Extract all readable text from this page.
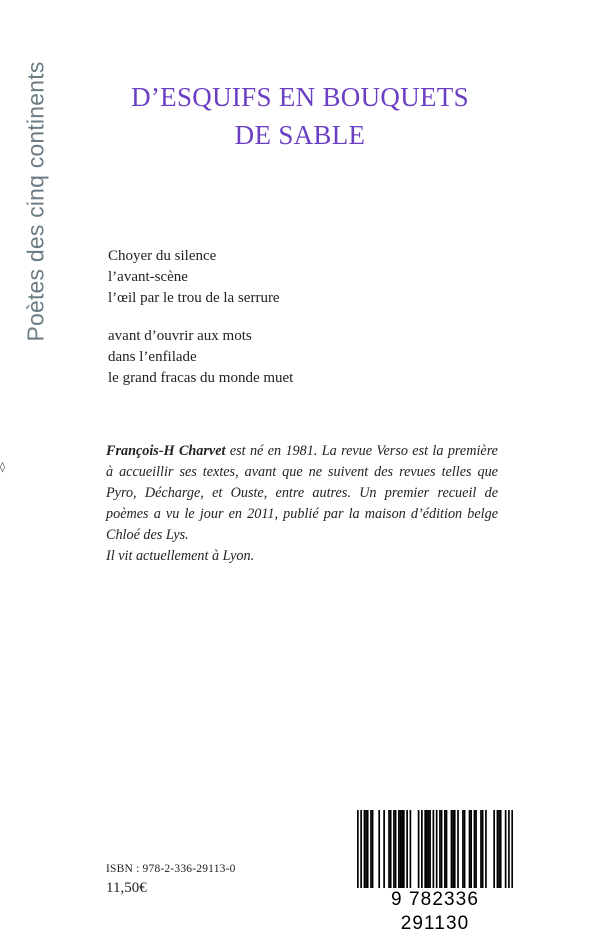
Poètes des cinq continents
◊
D’ESQUIFS EN BOUQUETS
DE SABLE
Choyer du silence
l’avant-scène
l’œil par le trou de la serrure
avant d’ouvrir aux mots
dans l’enfilade
le grand fracas du monde muet
François-H Charvet est né en 1981. La revue Verso est la première à accueillir ses textes, avant que ne suivent des revues telles que Pyro, Décharge, et Ouste, entre autres. Un premier recueil de poèmes a vu le jour en 2011, publié par la maison d’édition belge Chloé des Lys.
Il vit actuellement à Lyon.
ISBN : 978-2-336-29113-0
11,50€
9 782336 291130
